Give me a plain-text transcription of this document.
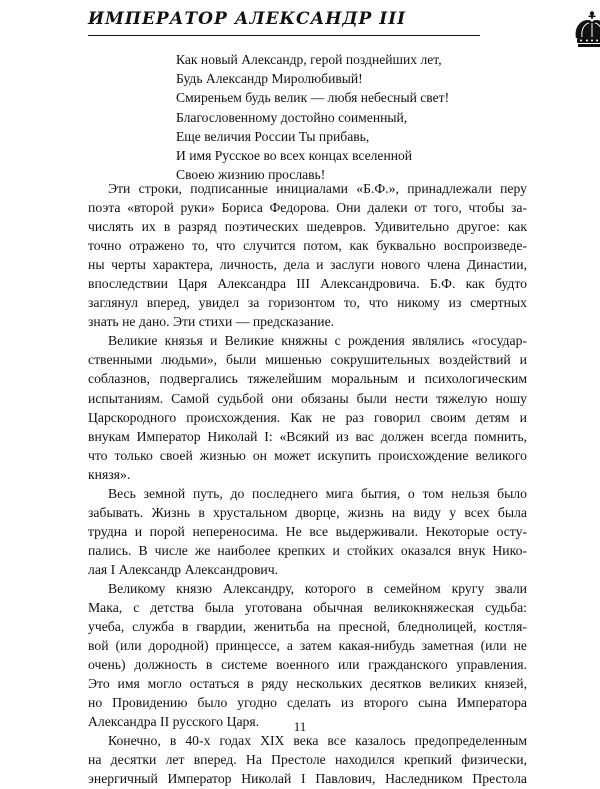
ИМПЕРАТОР АЛЕКСАНДР III
Как новый Александр, герой позднейших лет,
Будь Александр Миролюбивый!
Смиреньем будь велик — любя небесный свет!
Благословенному достойно соименный,
Еще величия России Ты прибавь,
И имя Русское во всех концах вселенной
Своею жизнию прославь!
Эти строки, подписанные инициалами «Б.Ф.», принадлежали перу
поэта «второй руки» Бориса Федорова. Они далеки от того, чтобы за-
числять их в разряд поэтических шедевров. Удивительно другое: как
точно отражено то, что случится потом, как буквально воспроизведе-
ны черты характера, личность, дела и заслуги нового члена Династии,
впоследствии Царя Александра III Александровича. Б.Ф. как будто
заглянул вперед, увидел за горизонтом то, что никому из смертных
знать не дано. Эти стихи — предсказание.
Великие князья и Великие княжны с рождения являлись «государ-
ственными людьми», были мишенью сокрушительных воздействий и
соблазнов, подвергались тяжелейшим моральным и психологическим
испытаниям. Самой судьбой они обязаны были нести тяжелую ношу
Царскородного происхождения. Как не раз говорил своим детям и
внукам Император Николай I: «Всякий из вас должен всегда помнить,
что только своей жизнью он может искупить происхождение великого
князя».
Весь земной путь, до последнего мига бытия, о том нельзя было
забывать. Жизнь в хрустальном дворце, жизнь на виду у всех была
трудна и порой непереносима. Не все выдерживали. Некоторые осту-
пались. В числе же наиболее крепких и стойких оказался внук Нико-
лая I Александр Александрович.
Великому князю Александру, которого в семейном кругу звали
Мака, с детства была уготована обычная великокняжеская судьба:
учеба, служба в гвардии, женитьба на пресной, бледнолицей, костля-
вой (или дородной) принцессе, а затем какая-нибудь заметная (или не
очень) должность в системе военного или гражданского управления.
Это имя могло остаться в ряду нескольких десятков великих князей,
но Провидению было угодно сделать из второго сына Императора
Александра II русского Царя.
Конечно, в 40-х годах XIX века все казалось предопределенным
на десятки лет вперед. На Престоле находился крепкий физически,
энергичный Император Николай I Павлович, Наследником Престола
11
